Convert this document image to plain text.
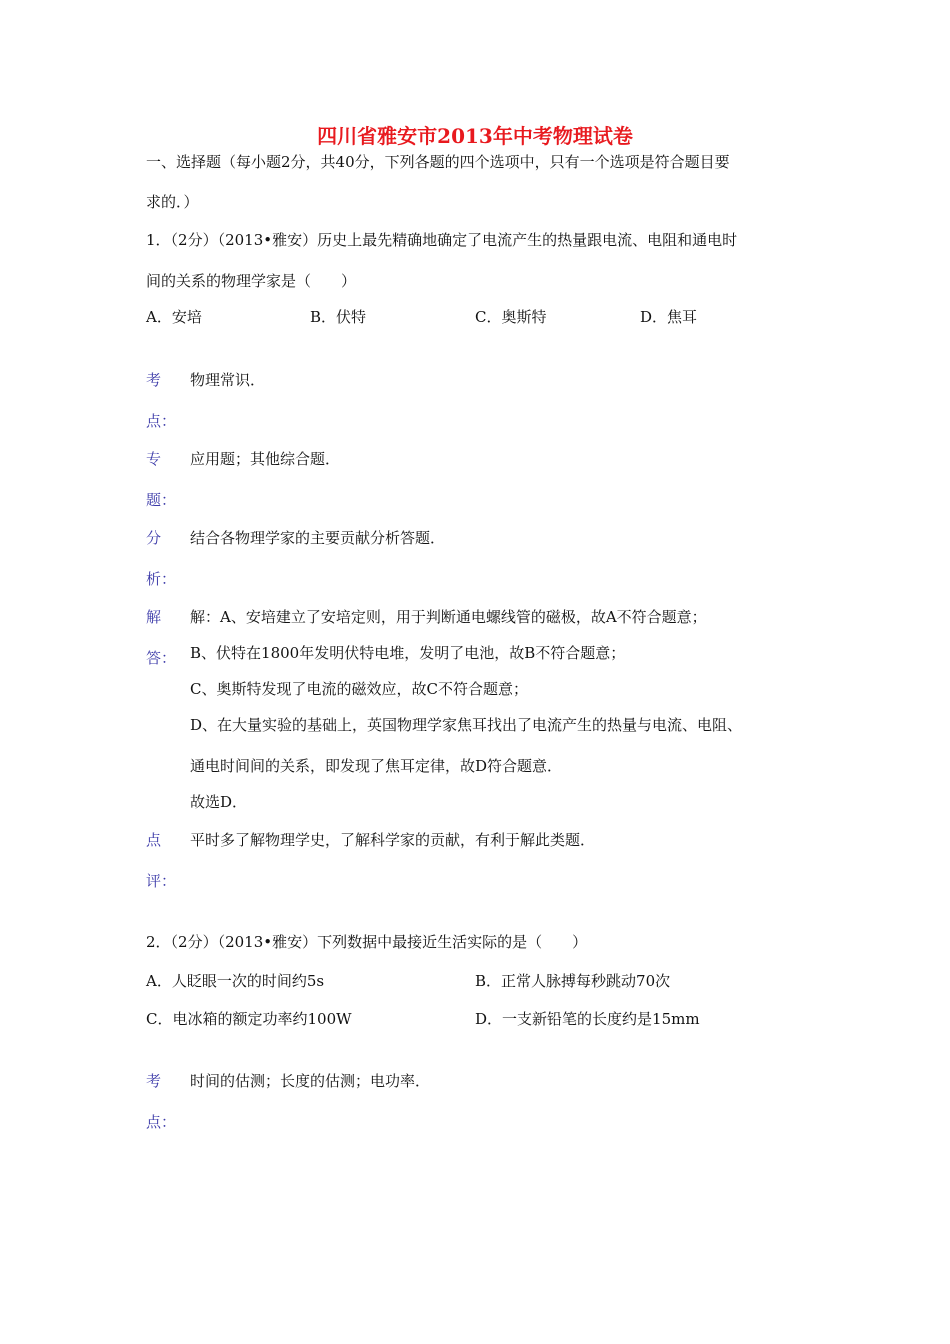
四川省雅安市2013年中考物理试卷
一、选择题（每小题2分，共40分，下列各题的四个选项中，只有一个选项是符合题目要
求的．）
1．（2分）（2013•雅安）历史上最先精确地确定了电流产生的热量跟电流、电阻和通电时
间的关系的物理学家是（　　）
A．安培	B．伏特	C．奥斯特	D．焦耳
考
点：
物理常识．
专
题：
应用题；其他综合题．
分
析：
结合各物理学家的主要贡献分析答题．
解
答：
解：A、安培建立了安培定则，用于判断通电螺线管的磁极，故A不符合题意；
B、伏特在1800年发明伏特电堆，发明了电池，故B不符合题意；
C、奥斯特发现了电流的磁效应，故C不符合题意；
D、在大量实验的基础上，英国物理学家焦耳找出了电流产生的热量与电流、电阻、
通电时间间的关系，即发现了焦耳定律，故D符合题意．
故选D．
点
评：
平时多了解物理学史，了解科学家的贡献，有利于解此类题．
2．（2分）（2013•雅安）下列数据中最接近生活实际的是（　　）
A．人眨眼一次的时间约5s	B．正常人脉搏每秒跳动70次
C．电冰箱的额定功率约100W	D．一支新铅笔的长度约是15mm
考
点：
时间的估测；长度的估测；电功率．
